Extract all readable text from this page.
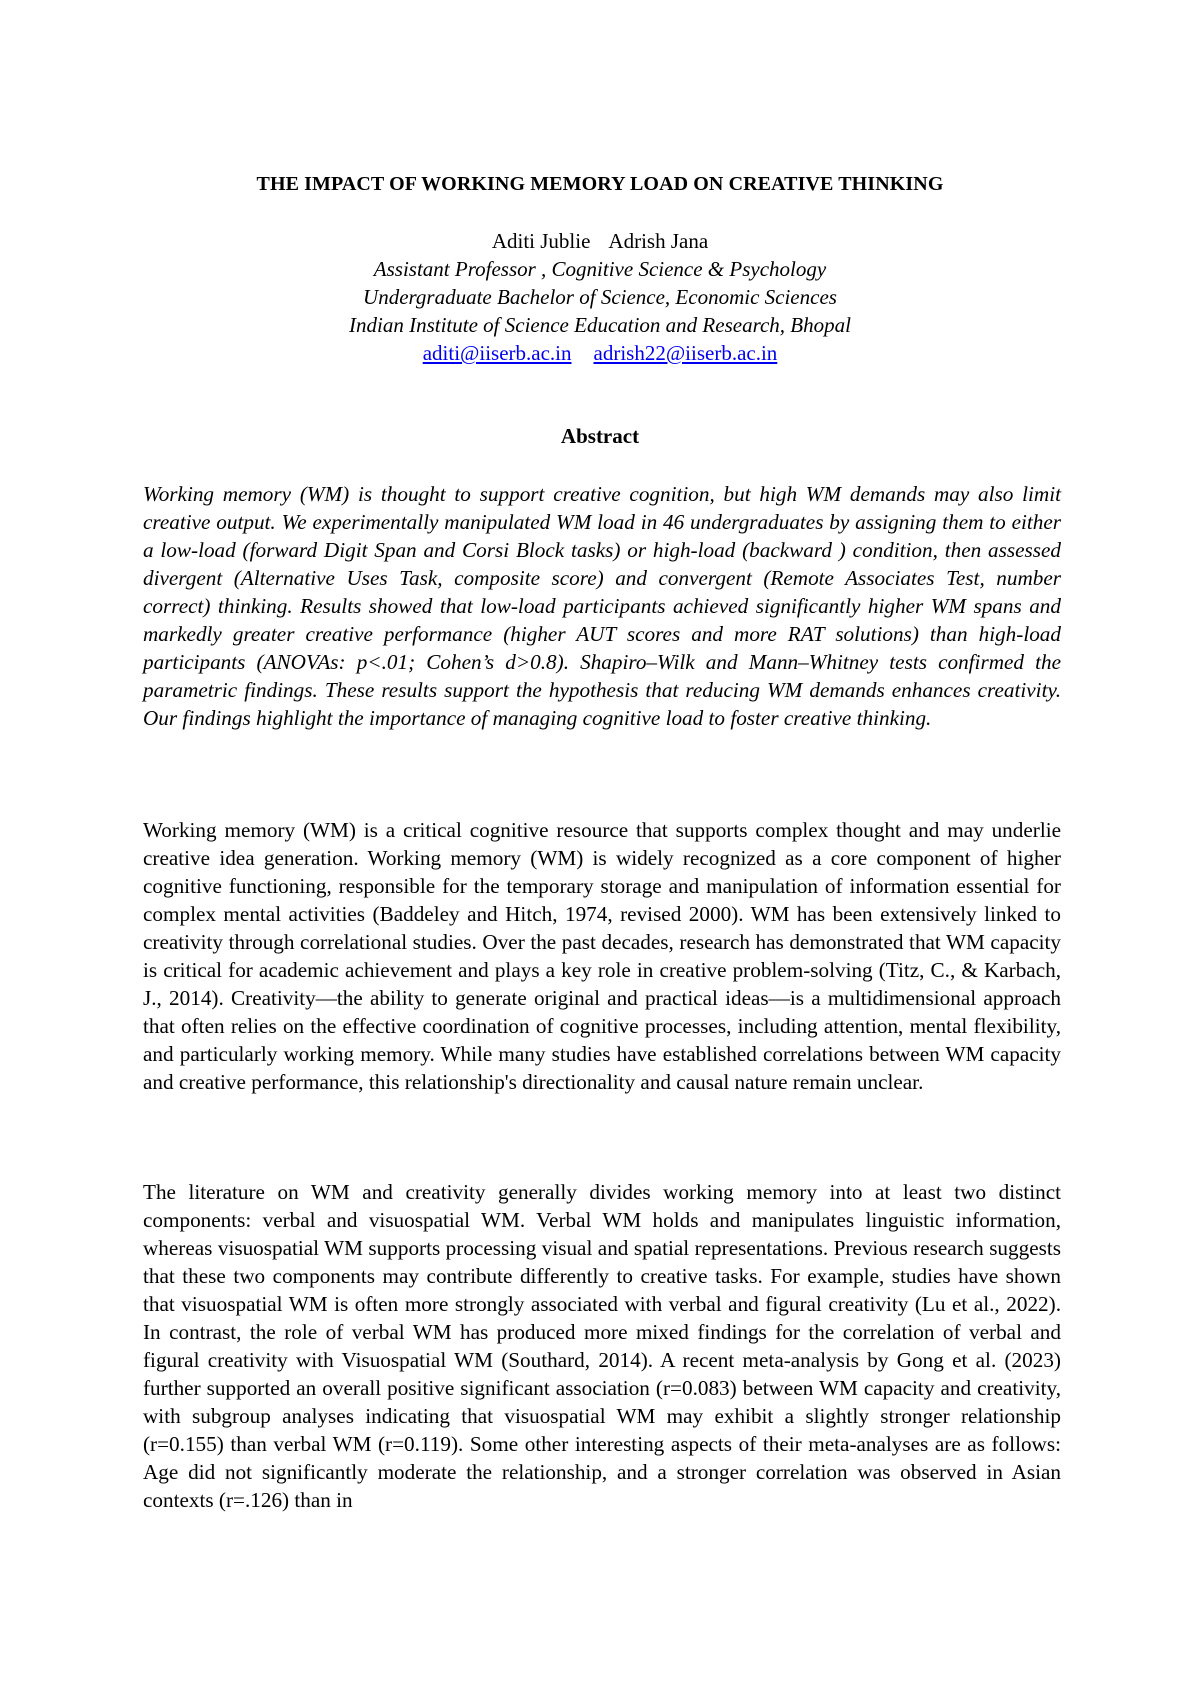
THE IMPACT OF WORKING MEMORY LOAD ON CREATIVE THINKING
Aditi Jublie Adrish Jana
Assistant Professor , Cognitive Science & Psychology
Undergraduate Bachelor of Science, Economic Sciences
Indian Institute of Science Education and Research, Bhopal
aditi@iiserb.ac.in adrish22@iiserb.ac.in
Abstract

Working memory (WM) is thought to support creative cognition, but high WM demands may also limit creative output. We experimentally manipulated WM load in 46 undergraduates by assigning them to either a low-load (forward Digit Span and Corsi Block tasks) or high-load (backward ) condition, then assessed divergent (Alternative Uses Task, composite score) and convergent (Remote Associates Test, number correct) thinking. Results showed that low-load participants achieved significantly higher WM spans and markedly greater creative performance (higher AUT scores and more RAT solutions) than high-load participants (ANOVAs: p<.01; Cohen’s d>0.8). Shapiro–Wilk and Mann–Whitney tests confirmed the parametric findings. These results support the hypothesis that reducing WM demands enhances creativity. Our findings highlight the importance of managing cognitive load to foster creative thinking.

Working memory (WM) is a critical cognitive resource that supports complex thought and may underlie creative idea generation. Working memory (WM) is widely recognized as a core component of higher cognitive functioning, responsible for the temporary storage and manipulation of information essential for complex mental activities (Baddeley and Hitch, 1974, revised 2000). WM has been extensively linked to creativity through correlational studies. Over the past decades, research has demonstrated that WM capacity is critical for academic achievement and plays a key role in creative problem-solving (Titz, C., & Karbach, J., 2014). Creativity—the ability to generate original and practical ideas—is a multidimensional approach that often relies on the effective coordination of cognitive processes, including attention, mental flexibility, and particularly working memory. While many studies have established correlations between WM capacity and creative performance, this relationship's directionality and causal nature remain unclear.

The literature on WM and creativity generally divides working memory into at least two distinct components: verbal and visuospatial WM. Verbal WM holds and manipulates linguistic information, whereas visuospatial WM supports processing visual and spatial representations. Previous research suggests that these two components may contribute differently to creative tasks. For example, studies have shown that visuospatial WM is often more strongly associated with verbal and figural creativity (Lu et al., 2022). In contrast, the role of verbal WM has produced more mixed findings for the correlation of verbal and figural creativity with Visuospatial WM (Southard, 2014). A recent meta-analysis by Gong et al. (2023) further supported an overall positive significant association (r=0.083) between WM capacity and creativity, with subgroup analyses indicating that visuospatial WM may exhibit a slightly stronger relationship (r=0.155) than verbal WM (r=0.119). Some other interesting aspects of their meta-analyses are as follows: Age did not significantly moderate the relationship, and a stronger correlation was observed in Asian contexts (r=.126) than in
